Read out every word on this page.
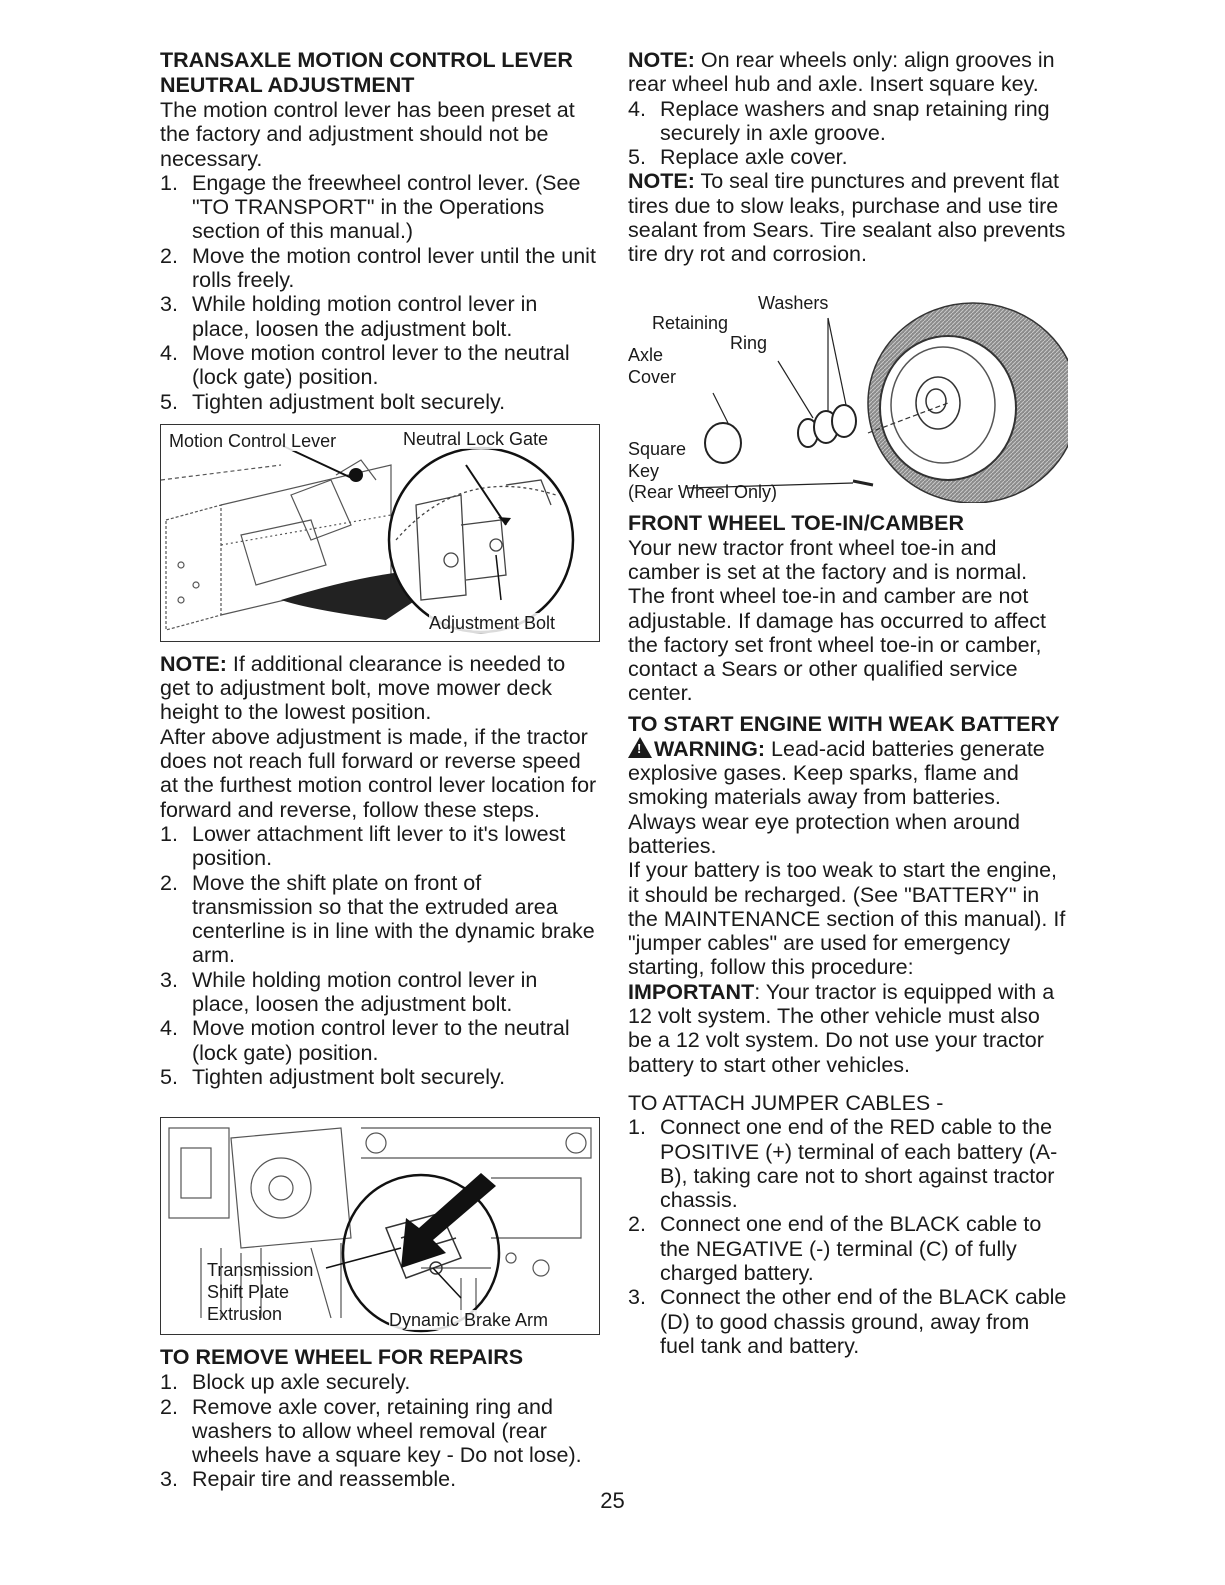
TRANSAXLE MOTION CONTROL LEVER
NEUTRAL ADJUSTMENT

The motion control lever has been preset at the factory and adjustment should not be necessary.

1. Engage the freewheel control lever. (See "TO TRANSPORT" in the Operations section of this manual.)
2. Move the motion control lever until the unit rolls freely.
3. While holding motion control lever in place, loosen the adjustment bolt.
4. Move motion control lever to the neutral (lock gate) position.
5. Tighten adjustment bolt securely.
Motion Control Lever	Neutral Lock Gate
Adjustment Bolt

NOTE: If additional clearance is needed to get to adjustment bolt, move mower deck height to the lowest position.

After above adjustment is made, if the tractor does not reach full forward or reverse speed at the furthest motion control lever location for forward and reverse, follow these steps.

1. Lower attachment lift lever to it's lowest position.
2. Move the shift plate on front of transmission so that the extruded area centerline is in line with the dynamic brake arm.
3. While holding motion control lever in place, loosen the adjustment bolt.
4. Move motion control lever to the neutral (lock gate) position.
5. Tighten adjustment bolt securely.
Transmission
Shift Plate
Extrusion	Dynamic Brake Arm
TO REMOVE WHEEL FOR REPAIRS
1. Block up axle securely.
2. Remove axle cover, retaining ring and washers to allow wheel removal (rear wheels have a square key - Do not lose).
3. Repair tire and reassemble.

NOTE: On rear wheels only: align grooves in rear wheel hub and axle. Insert square key.

4. Replace washers and snap retaining ring securely in axle groove.
5. Replace axle cover.

NOTE: To seal tire punctures and prevent flat tires due to slow leaks, purchase and use tire sealant from Sears. Tire sealant also prevents tire dry rot and corrosion.

Washers
Retaining
Ring
Axle
Cover
Square
Key
(Rear Wheel Only)
FRONT WHEEL TOE-IN/CAMBER

Your new tractor front wheel toe-in and camber is set at the factory and is normal. The front wheel toe-in and camber are not adjustable. If damage has occurred to affect the factory set front wheel toe-in or camber, contact a Sears or other qualified service center.

TO START ENGINE WITH WEAK BATTERY

! WARNING: Lead-acid batteries generate explosive gases. Keep sparks, flame and smoking materials away from batteries. Always wear eye protection when around batteries.

If your battery is too weak to start the engine, it should be recharged. (See "BATTERY" in the MAINTENANCE section of this manual). If "jumper cables" are used for emergency starting, follow this procedure:

IMPORTANT: Your tractor is equipped with a 12 volt system. The other vehicle must also be a 12 volt system. Do not use your tractor battery to start other vehicles.

TO ATTACH JUMPER CABLES -

1. Connect one end of the RED cable to the POSITIVE (+) terminal of each battery (A-B), taking care not to short against tractor chassis.
2. Connect one end of the BLACK cable to the NEGATIVE (-) terminal (C) of fully charged battery.
3. Connect the other end of the BLACK cable (D) to good chassis ground, away from fuel tank and battery.
25
